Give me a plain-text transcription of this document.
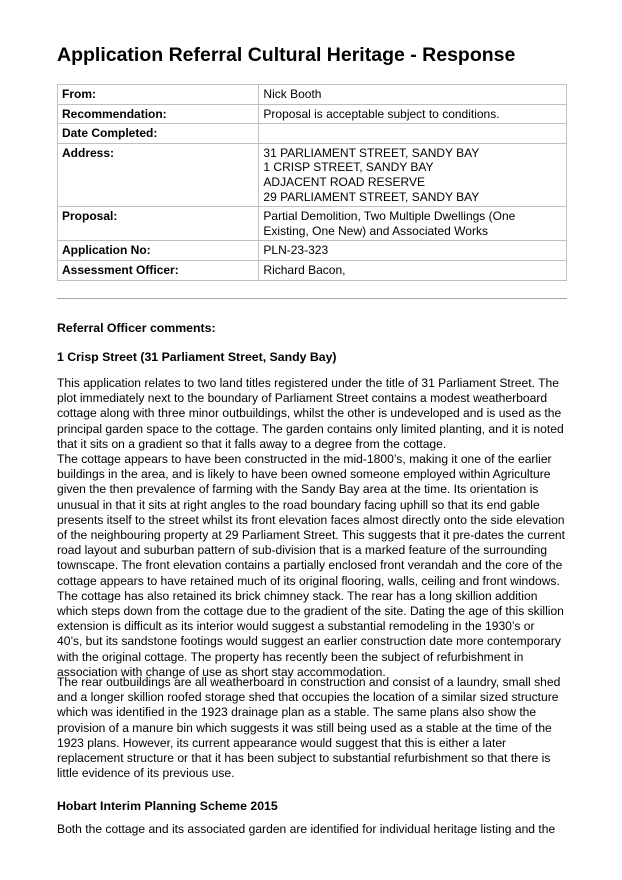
Application Referral Cultural Heritage - Response
From:	Nick Booth

Recommendation:	Proposal is acceptable subject to conditions.

Date Completed:	

Address:	31 PARLIAMENT STREET, SANDY BAY
1 CRISP STREET, SANDY BAY
ADJACENT ROAD RESERVE
29 PARLIAMENT STREET, SANDY BAY

Proposal:	Partial Demolition, Two Multiple Dwellings (One
Existing, One New) and Associated Works

Application No:	PLN-23-323

Assessment Officer:	Richard Bacon,

Referral Officer comments:

1 Crisp Street (31 Parliament Street, Sandy Bay)

This application relates to two land titles registered under the title of 31 Parliament Street. The
plot immediately next to the boundary of Parliament Street contains a modest weatherboard
cottage along with three minor outbuildings, whilst the other is undeveloped and is used as the
principal garden space to the cottage. The garden contains only limited planting, and it is noted
that it sits on a gradient so that it falls away to a degree from the cottage.
The cottage appears to have been constructed in the mid-1800’s, making it one of the earlier
buildings in the area, and is likely to have been owned someone employed within Agriculture
given the then prevalence of farming with the Sandy Bay area at the time. Its orientation is
unusual in that it sits at right angles to the road boundary facing uphill so that its end gable
presents itself to the street whilst its front elevation faces almost directly onto the side elevation
of the neighbouring property at 29 Parliament Street. This suggests that it pre-dates the current
road layout and suburban pattern of sub-division that is a marked feature of the surrounding
townscape. The front elevation contains a partially enclosed front verandah and the core of the
cottage appears to have retained much of its original flooring, walls, ceiling and front windows.
The cottage has also retained its brick chimney stack. The rear has a long skillion addition
which steps down from the cottage due to the gradient of the site. Dating the age of this skillion
extension is difficult as its interior would suggest a substantial remodeling in the 1930’s or
40’s, but its sandstone footings would suggest an earlier construction date more contemporary
with the original cottage. The property has recently been the subject of refurbishment in
association with change of use as short stay accommodation.
The rear outbuildings are all weatherboard in construction and consist of a laundry, small shed
and a longer skillion roofed storage shed that occupies the location of a similar sized structure
which was identified in the 1923 drainage plan as a stable. The same plans also show the
provision of a manure bin which suggests it was still being used as a stable at the time of the
1923 plans. However, its current appearance would suggest that this is either a later
replacement structure or that it has been subject to substantial refurbishment so that there is
little evidence of its previous use.

Hobart Interim Planning Scheme 2015

Both the cottage and its associated garden are identified for individual heritage listing and the
